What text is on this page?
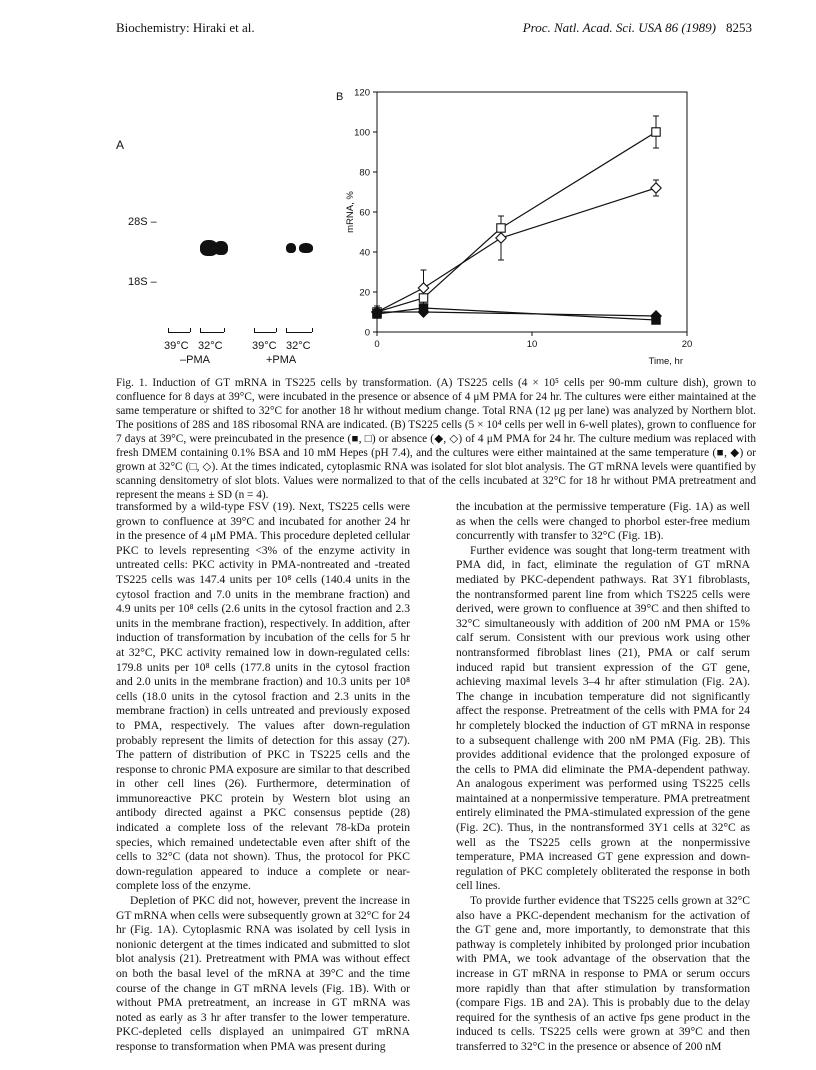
Biochemistry: Hiraki et al.	Proc. Natl. Acad. Sci. USA 86 (1989) 8253
A
28S –
18S –
39°C 32°C	39°C 32°C
–PMA	+PMA
B
0
20
40
60
80
100
120
0	10	20
Time, hr
mRNA, %

Fig. 1. Induction of GT mRNA in TS225 cells by transformation. (A) TS225 cells (4 × 10⁵ cells per 90-mm culture dish), grown to confluence for 8 days at 39°C, were incubated in the presence or absence of 4 μM PMA for 24 hr. The cultures were either maintained at the same temperature or shifted to 32°C for another 18 hr without medium change. Total RNA (12 μg per lane) was analyzed by Northern blot. The positions of 28S and 18S ribosomal RNA are indicated. (B) TS225 cells (5 × 10⁴ cells per well in 6-well plates), grown to confluence for 7 days at 39°C, were preincubated in the presence (■, □) or absence (◆, ◇) of 4 μM PMA for 24 hr. The culture medium was replaced with fresh DMEM containing 0.1% BSA and 10 mM Hepes (pH 7.4), and the cultures were either maintained at the same temperature (■, ◆) or grown at 32°C (□, ◇). At the times indicated, cytoplasmic RNA was isolated for slot blot analysis. The GT mRNA levels were quantified by scanning densitometry of slot blots. Values were normalized to that of the cells incubated at 32°C for 18 hr without PMA pretreatment and represent the means ± SD (n = 4).

transformed by a wild-type FSV (19). Next, TS225 cells were grown to confluence at 39°C and incubated for another 24 hr in the presence of 4 μM PMA. This procedure depleted cellular PKC to levels representing <3% of the enzyme activity in untreated cells: PKC activity in PMA-nontreated and -treated TS225 cells was 147.4 units per 10⁸ cells (140.4 units in the cytosol fraction and 7.0 units in the membrane fraction) and 4.9 units per 10⁸ cells (2.6 units in the cytosol fraction and 2.3 units in the membrane fraction), respectively. In addition, after induction of transformation by incubation of the cells for 5 hr at 32°C, PKC activity remained low in down-regulated cells: 179.8 units per 10⁸ cells (177.8 units in the cytosol fraction and 2.0 units in the membrane fraction) and 10.3 units per 10⁸ cells (18.0 units in the cytosol fraction and 2.3 units in the membrane fraction) in cells untreated and previously exposed to PMA, respectively. The values after down-regulation probably represent the limits of detection for this assay (27). The pattern of distribution of PKC in TS225 cells and the response to chronic PMA exposure are similar to that described in other cell lines (26). Furthermore, determination of immunoreactive PKC protein by Western blot using an antibody directed against a PKC consensus peptide (28) indicated a complete loss of the relevant 78-kDa protein species, which remained undetectable even after shift of the cells to 32°C (data not shown). Thus, the protocol for PKC down-regulation appeared to induce a complete or near-complete loss of the enzyme.

Depletion of PKC did not, however, prevent the increase in GT mRNA when cells were subsequently grown at 32°C for 24 hr (Fig. 1A). Cytoplasmic RNA was isolated by cell lysis in nonionic detergent at the times indicated and submitted to slot blot analysis (21). Pretreatment with PMA was without effect on both the basal level of the mRNA at 39°C and the time course of the change in GT mRNA levels (Fig. 1B). With or without PMA pretreatment, an increase in GT mRNA was noted as early as 3 hr after transfer to the lower temperature. PKC-depleted cells displayed an unimpaired GT mRNA response to transformation when PMA was present during

the incubation at the permissive temperature (Fig. 1A) as well as when the cells were changed to phorbol ester-free medium concurrently with transfer to 32°C (Fig. 1B).

Further evidence was sought that long-term treatment with PMA did, in fact, eliminate the regulation of GT mRNA mediated by PKC-dependent pathways. Rat 3Y1 fibroblasts, the nontransformed parent line from which TS225 cells were derived, were grown to confluence at 39°C and then shifted to 32°C simultaneously with addition of 200 nM PMA or 15% calf serum. Consistent with our previous work using other nontransformed fibroblast lines (21), PMA or calf serum induced rapid but transient expression of the GT gene, achieving maximal levels 3–4 hr after stimulation (Fig. 2A). The change in incubation temperature did not significantly affect the response. Pretreatment of the cells with PMA for 24 hr completely blocked the induction of GT mRNA in response to a subsequent challenge with 200 nM PMA (Fig. 2B). This provides additional evidence that the prolonged exposure of the cells to PMA did eliminate the PMA-dependent pathway. An analogous experiment was performed using TS225 cells maintained at a nonpermissive temperature. PMA pretreatment entirely eliminated the PMA-stimulated expression of the gene (Fig. 2C). Thus, in the nontransformed 3Y1 cells at 32°C as well as the TS225 cells grown at the nonpermissive temperature, PMA increased GT gene expression and down-regulation of PKC completely obliterated the response in both cell lines.

To provide further evidence that TS225 cells grown at 32°C also have a PKC-dependent mechanism for the activation of the GT gene and, more importantly, to demonstrate that this pathway is completely inhibited by prolonged prior incubation with PMA, we took advantage of the observation that the increase in GT mRNA in response to PMA or serum occurs more rapidly than that after stimulation by transformation (compare Figs. 1B and 2A). This is probably due to the delay required for the synthesis of an active fps gene product in the induced ts cells. TS225 cells were grown at 39°C and then transferred to 32°C in the presence or absence of 200 nM
